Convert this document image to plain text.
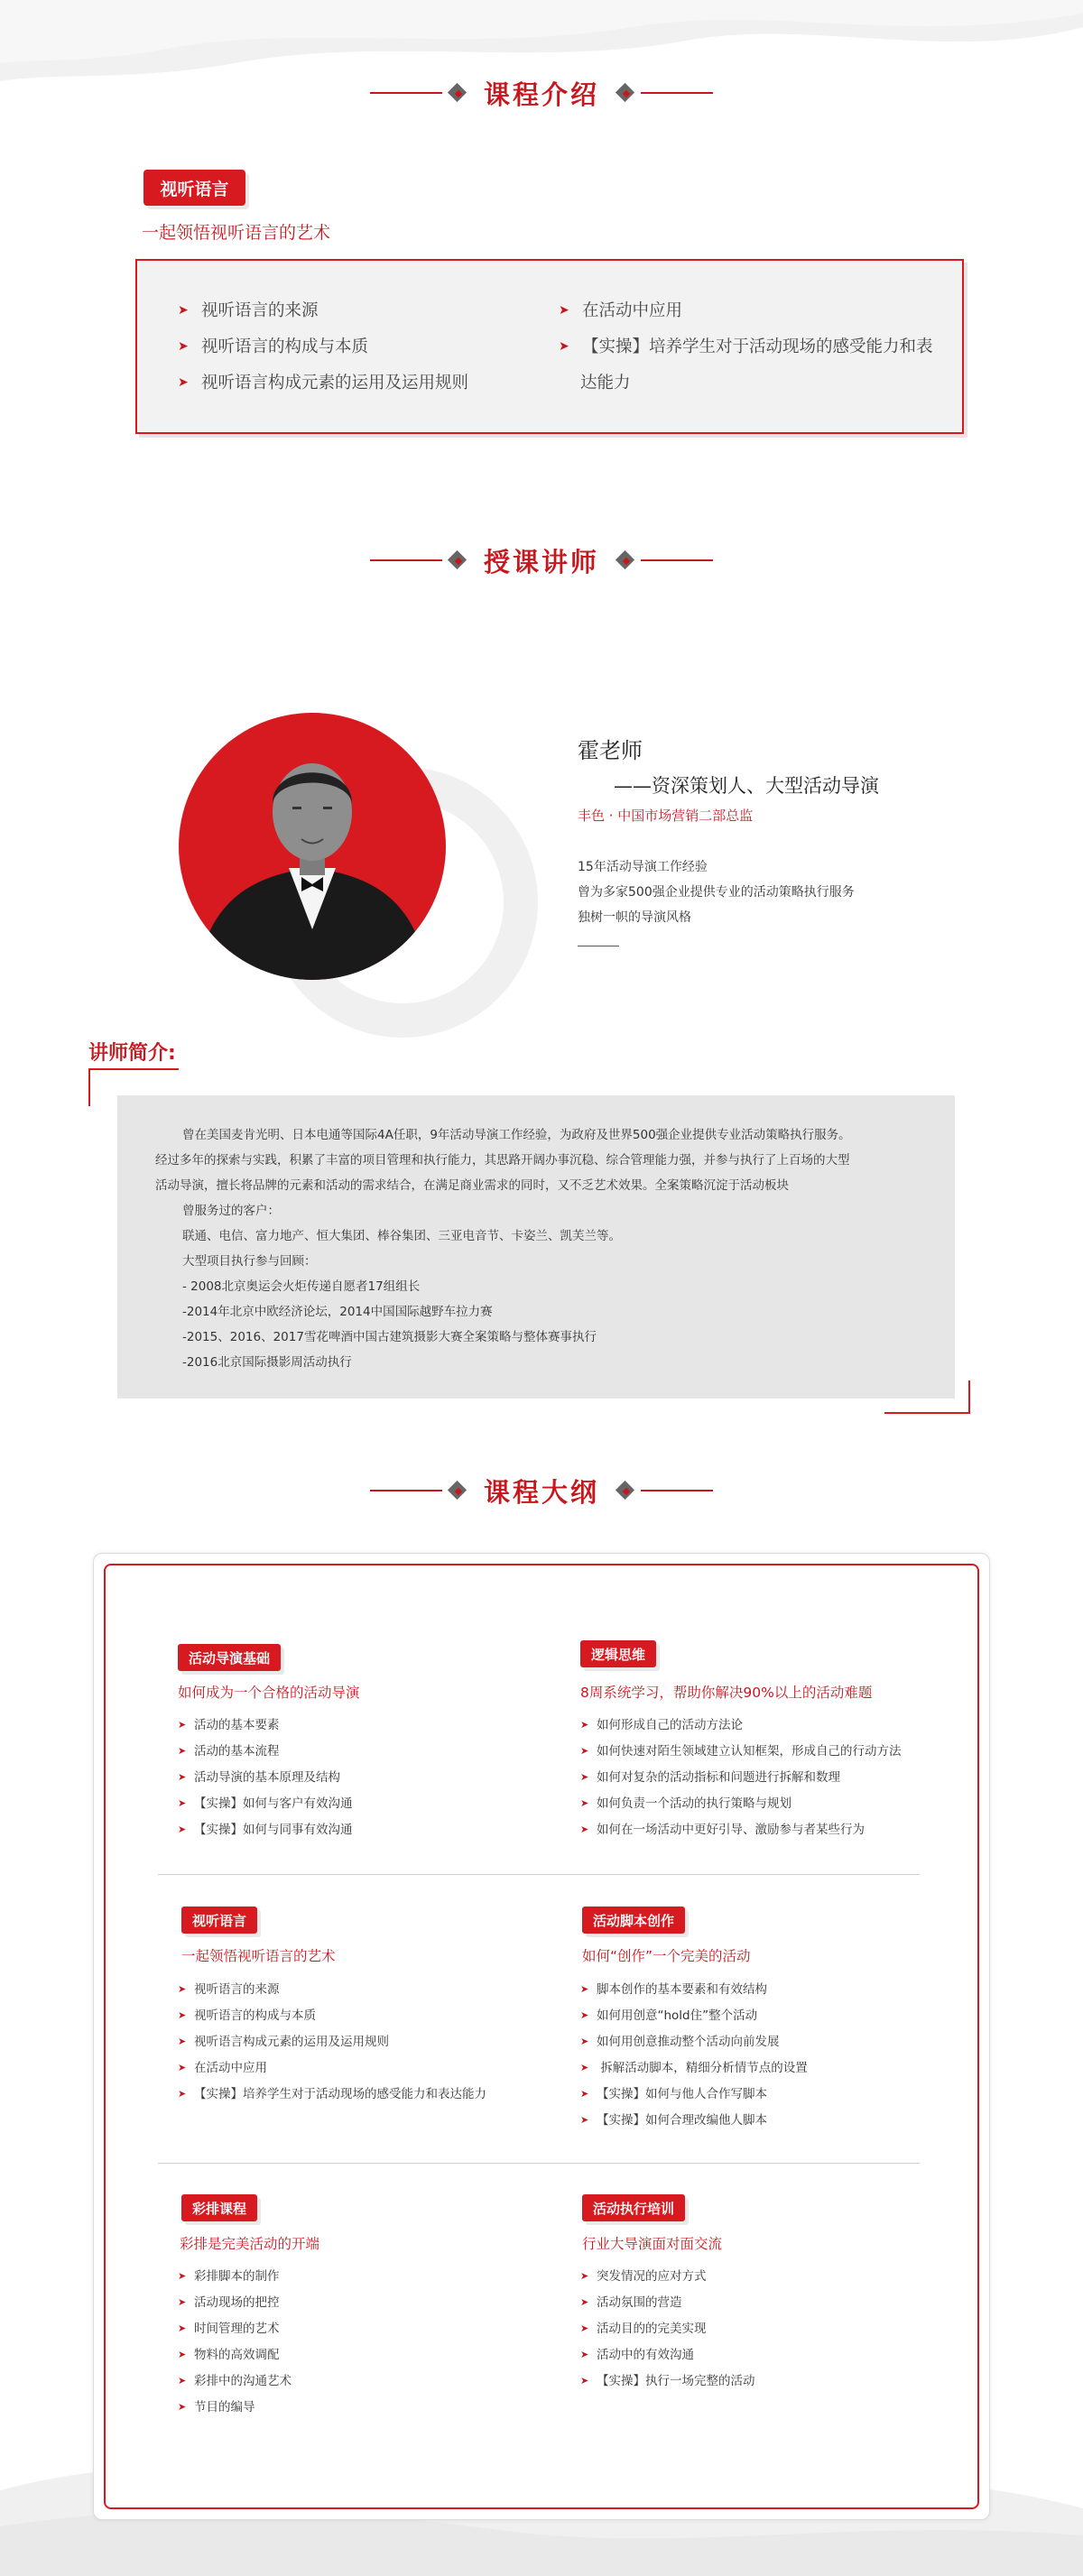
课程介绍
视听语言
一起领悟视听语言的艺术
➤ 视听语言的来源
➤ 视听语言的构成与本质
➤ 视听语言构成元素的运用及运用规则
➤ 在活动中应用
➤ 【实操】培养学生对于活动现场的感受能力和表达能力
授课讲师
霍老师
——资深策划人、大型活动导演
丰色 · 中国市场营销二部总监
15年活动导演工作经验
曾为多家500强企业提供专业的活动策略执行服务
独树一帜的导演风格
讲师简介:

曾在美国麦肯光明、日本电通等国际4A任职，9年活动导演工作经验，为政府及世界500强企业提供专业活动策略执行服务。

经过多年的探索与实践，积累了丰富的项目管理和执行能力，其思路开阔办事沉稳、综合管理能力强，并参与执行了上百场的大型

活动导演，擅长将品牌的元素和活动的需求结合，在满足商业需求的同时，又不乏艺术效果。全案策略沉淀于活动板块

曾服务过的客户：

联通、电信、富力地产、恒大集团、棒谷集团、三亚电音节、卡姿兰、凯芙兰等。

大型项目执行参与回顾：

- 2008北京奥运会火炬传递自愿者17组组长

-2014年北京中欧经济论坛，2014中国国际越野车拉力赛

-2015、2016、2017雪花啤酒中国古建筑摄影大赛全案策略与整体赛事执行

-2016北京国际摄影周活动执行

课程大纲
活动导演基础
如何成为一个合格的活动导演
➤ 活动的基本要素
➤ 活动的基本流程
➤ 活动导演的基本原理及结构
➤ 【实操】如何与客户有效沟通
➤ 【实操】如何与同事有效沟通
逻辑思维
8周系统学习，帮助你解决90%以上的活动难题
➤ 如何形成自己的活动方法论
➤ 如何快速对陌生领域建立认知框架，形成自己的行动方法
➤ 如何对复杂的活动指标和问题进行拆解和数理
➤ 如何负责一个活动的执行策略与规划
➤ 如何在一场活动中更好引导、激励参与者某些行为
视听语言
一起领悟视听语言的艺术
➤ 视听语言的来源
➤ 视听语言的构成与本质
➤ 视听语言构成元素的运用及运用规则
➤ 在活动中应用
➤ 【实操】培养学生对于活动现场的感受能力和表达能力
活动脚本创作
如何“创作”一个完美的活动
➤ 脚本创作的基本要素和有效结构
➤ 如何用创意“hold住”整个活动
➤ 如何用创意推动整个活动向前发展
➤ 拆解活动脚本，精细分析情节点的设置
➤ 【实操】如何与他人合作写脚本
➤ 【实操】如何合理改编他人脚本
彩排课程
彩排是完美活动的开端
➤ 彩排脚本的制作
➤ 活动现场的把控
➤ 时间管理的艺术
➤ 物料的高效调配
➤ 彩排中的沟通艺术
➤ 节目的编导
活动执行培训
行业大导演面对面交流
➤ 突发情况的应对方式
➤ 活动氛围的营造
➤ 活动目的的完美实现
➤ 活动中的有效沟通
➤ 【实操】执行一场完整的活动
